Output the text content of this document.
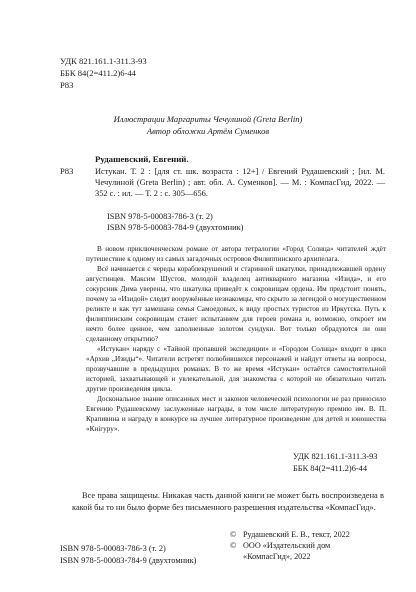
УДК 821.161.1-311.3-93
ББК 84(2=411.2)6-44
Р83
Иллюстрации Маргариты Чечулиной (Greta Berlin)
Автор обложки Артём Суменков
Рудашевский, Евгений.
Р83	Истукан. Т. 2 : [для ст. шк. возраста : 12+] / Евгений Рудашевский ; [ил. М. Чечулиной (Greta Berlin) ; авт. обл. А. Суменков]. — М. : КомпасГид, 2022. — 352 с. : ил. — Т. 2 : с. 305—656.
ISBN 978-5-00083-786-3 (т. 2)
ISBN 978-5-00083-784-9 (двухтомник)

В новом приключенческом романе от автора тетралогии «Город Солнца» читателей ждёт путешествие к одному из самых загадочных островов Филиппинского архипелага.

Всё начинается с череды кораблекрушений и старинной шкатулки, принадлежавшей ордену августинцев. Максим Шустов, молодой владелец антикварного магазина «Изида», и его сокурсник Дима уверены, что шкатулка приведёт к сокровищам ордена. Им предстоит понять, почему за «Изидой» следят вооружённые незнакомцы, что скрыто за легендой о могущественном реликте и как тут замешана семья Самоедовых, к виду простых туристов из Иркутска. Путь к филиппинским сокровищам станет испытанием для героев романа и, возможно, откроет им нечто более ценное, чем заполненные золотом сундуки. Вот только обрадуются ли они сделанному открытию?

«Истукан» наряду с «Тайной пропавшей экспедиции» и «Городом Солнца» входит в цикл «Архив „Изиды“». Читатели встретят полюбившихся персонажей и найдут ответы на вопросы, прозвучавшие в предыдущих романах. В то же время «Истукан» остаётся самостоятельной историей, захватывающей и увлекательной, для знакомства с которой не обязательно читать другие произведения цикла.

Доскональное знание описанных мест и законов человеческой психологии не раз приносило Евгению Рудашевскому заслуженные награды, в том числе литературную премию им. В. П. Крапивина и награду в конкурсе на лучшее литературное произведение для детей и юношества «Кнігуру».

УДК 821.161.1-311.3-93
ББК 84(2=411.2)6-44
Все права защищены. Никакая часть данной книги не может быть воспроизведена в какой бы то ни было форме без письменного разрешения издательства «КомпасГид».
ISBN 978-5-00083-786-3 (т. 2)
ISBN 978-5-00083-784-9 (двухтомник)
© Рудашевский Е. В., текст, 2022
© ООО «Издательский дом
«КомпасГид», 2022
